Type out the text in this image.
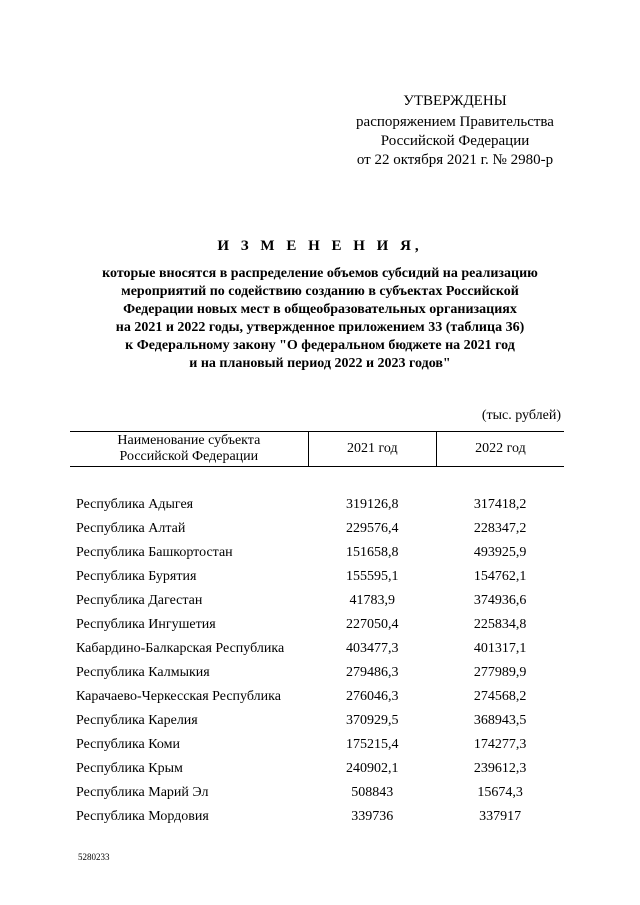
УТВЕРЖДЕНЫ
распоряжением Правительства
Российской Федерации
от 22 октября 2021 г. № 2980-р
И З М Е Н Е Н И Я,
которые вносятся в распределение объемов субсидий на реализацию
мероприятий по содействию созданию в субъектах Российской
Федерации новых мест в общеобразовательных организациях
на 2021 и 2022 годы, утвержденное приложением 33 (таблица 36)
к Федеральному закону "О федеральном бюджете на 2021 год
и на плановый период 2022 и 2023 годов"
(тыс. рублей)
Наименование субъекта
Российской Федерации	2021 год	2022 год
Республика Адыгея	319126,8	317418,2
Республика Алтай	229576,4	228347,2
Республика Башкортостан	151658,8	493925,9
Республика Бурятия	155595,1	154762,1
Республика Дагестан	41783,9	374936,6
Республика Ингушетия	227050,4	225834,8
Кабардино-Балкарская Республика	403477,3	401317,1
Республика Калмыкия	279486,3	277989,9
Карачаево-Черкесская Республика	276046,3	274568,2
Республика Карелия	370929,5	368943,5
Республика Коми	175215,4	174277,3
Республика Крым	240902,1	239612,3
Республика Марий Эл	508843	15674,3
Республика Мордовия	339736	337917
5280233
